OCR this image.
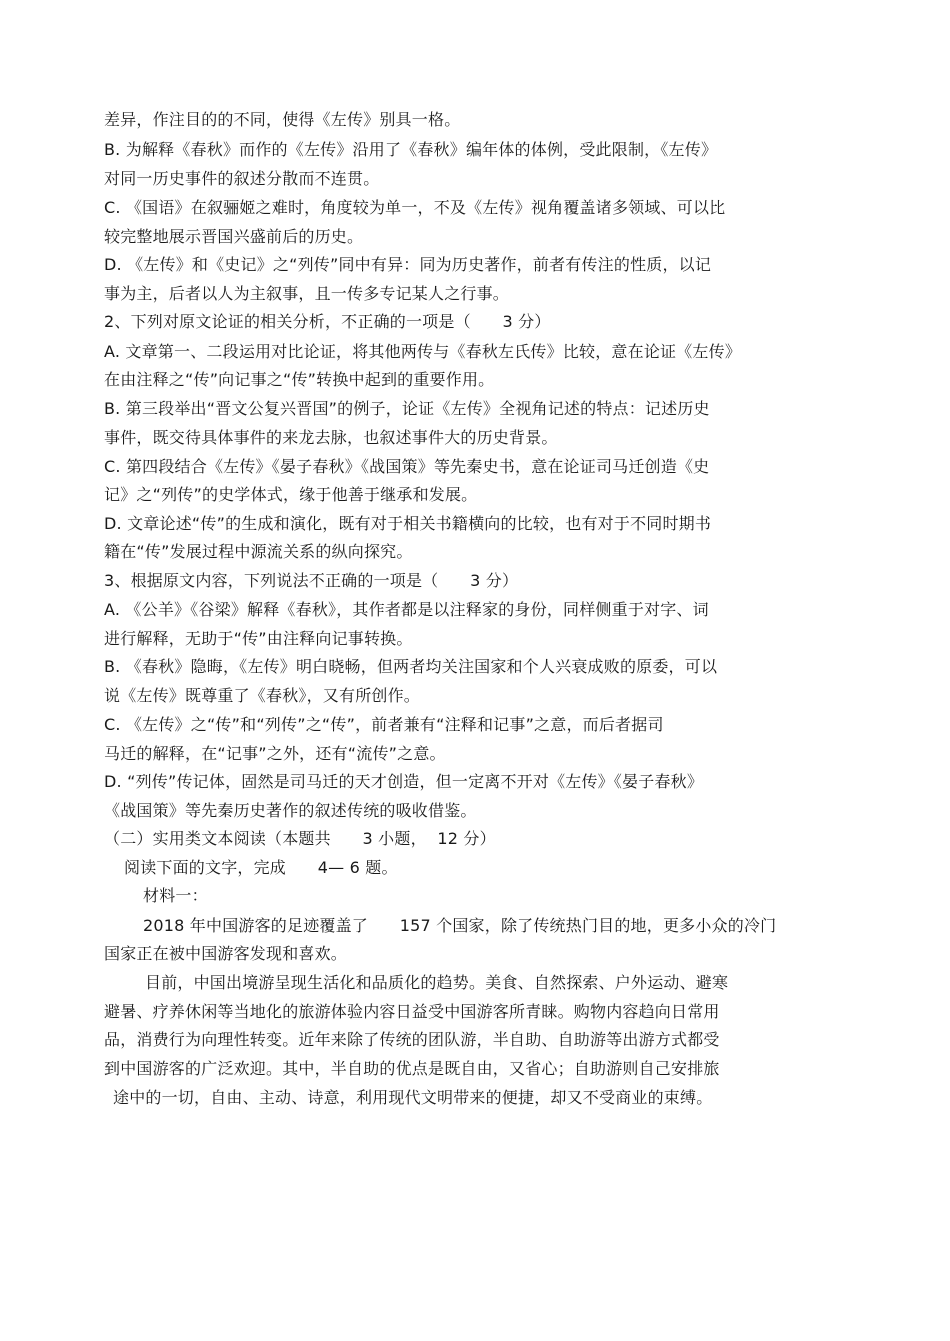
差异，作注目的的不同，使得《左传》别具一格。
B. 为解释《春秋》而作的《左传》沿用了《春秋》编年体的体例，受此限制，《左传》
对同一历史事件的叙述分散而不连贯。
C. 《国语》在叙骊姬之难时，角度较为单一，不及《左传》视角覆盖诸多领域、可以比
较完整地展示晋国兴盛前后的历史。
D. 《左传》和《史记》之“列传”同中有异：同为历史著作，前者有传注的性质，以记
事为主，后者以人为主叙事，且一传多专记某人之行事。
2、下列对原文论证的相关分析，不正确的一项是（      3 分）
A. 文章第一、二段运用对比论证，将其他两传与《春秋左氏传》比较，意在论证《左传》
在由注释之“传”向记事之“传”转换中起到的重要作用。
B. 第三段举出“晋文公复兴晋国”的例子，论证《左传》全视角记述的特点：记述历史
事件，既交待具体事件的来龙去脉，也叙述事件大的历史背景。
C. 第四段结合《左传》《晏子春秋》《战国策》等先秦史书，意在论证司马迁创造《史
记》之“列传”的史学体式，缘于他善于继承和发展。
D. 文章论述“传”的生成和演化，既有对于相关书籍横向的比较，也有对于不同时期书
籍在“传”发展过程中源流关系的纵向探究。
3、根据原文内容，下列说法不正确的一项是（      3 分）
A. 《公羊》《谷梁》解释《春秋》，其作者都是以注释家的身份，同样侧重于对字、词
进行解释，无助于“传”由注释向记事转换。
B. 《春秋》隐晦，《左传》明白晓畅，但两者均关注国家和个人兴衰成败的原委，可以
说《左传》既尊重了《春秋》，又有所创作。
C. 《左传》之“传”和“列传”之“传”，前者兼有“注释和记事”之意，而后者据司
马迁的解释，在“记事”之外，还有“流传”之意。
D. “列传”传记体，固然是司马迁的天才创造，但一定离不开对《左传》《晏子春秋》
《战国策》等先秦历史著作的叙述传统的吸收借鉴。
（二）实用类文本阅读（本题共      3 小题，  12 分）
阅读下面的文字，完成      4— 6 题。
材料一：
2018 年中国游客的足迹覆盖了      157 个国家，除了传统热门目的地，更多小众的冷门
国家正在被中国游客发现和喜欢。
目前，中国出境游呈现生活化和品质化的趋势。美食、自然探索、户外运动、避寒
避暑、疗养休闲等当地化的旅游体验内容日益受中国游客所青睐。购物内容趋向日常用
品，消费行为向理性转变。近年来除了传统的团队游，半自助、自助游等出游方式都受
到中国游客的广泛欢迎。其中，半自助的优点是既自由，又省心；自助游则自己安排旅
途中的一切，自由、主动、诗意，利用现代文明带来的便捷，却又不受商业的束缚。
